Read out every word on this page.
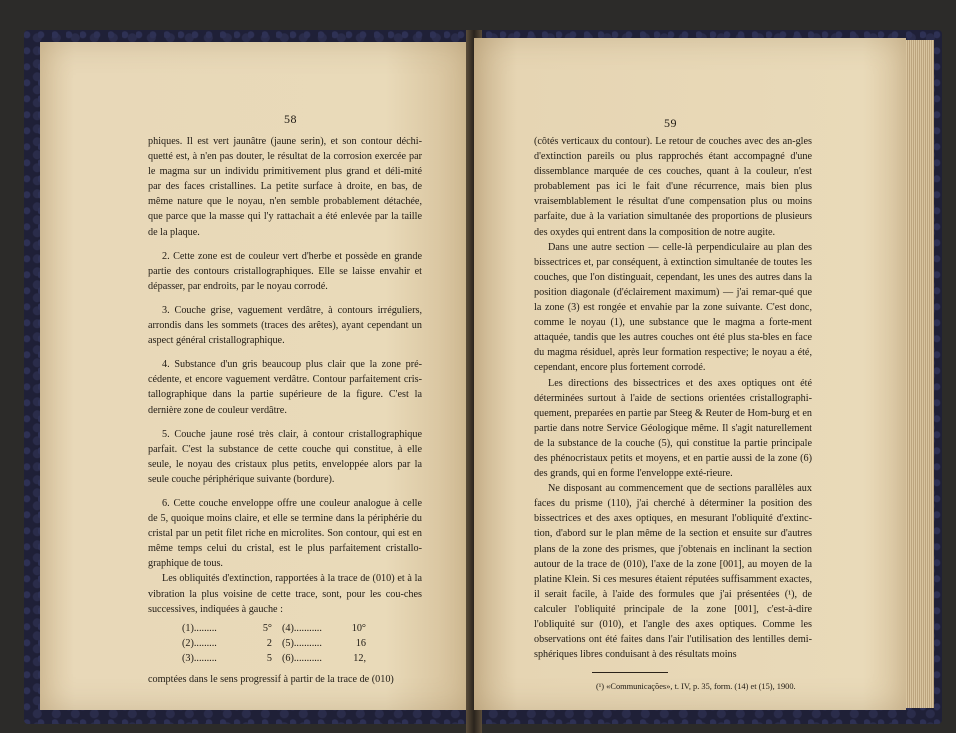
58

phiques. Il est vert jaunâtre (jaune serin), et son contour déchi-quetté est, à n'en pas douter, le résultat de la corrosion exercée par le magma sur un individu primitivement plus grand et déli-mité par des faces cristallines. La petite surface à droite, en bas, de même nature que le noyau, n'en semble probablement détachée, que parce que la masse qui l'y rattachait a été enlevée par la taille de la plaque.

2. Cette zone est de couleur vert d'herbe et possède en grande partie des contours cristallographiques. Elle se laisse envahir et dépasser, par endroits, par le noyau corrodé.

3. Couche grise, vaguement verdâtre, à contours irréguliers, arrondis dans les sommets (traces des arêtes), ayant cependant un aspect général cristallographique.

4. Substance d'un gris beaucoup plus clair que la zone pré-cédente, et encore vaguement verdâtre. Contour parfaitement cris-tallographique dans la partie supérieure de la figure. C'est la dernière zone de couleur verdâtre.

5. Couche jaune rosé très clair, à contour cristallographique parfait. C'est la substance de cette couche qui constitue, à elle seule, le noyau des cristaux plus petits, enveloppée alors par la seule couche périphérique suivante (bordure).

6. Cette couche enveloppe offre une couleur analogue à celle de 5, quoique moins claire, et elle se termine dans la périphérie du cristal par un petit filet riche en microlites. Son contour, qui est en même temps celui du cristal, est le plus parfaitement cristallo-graphique de tous.

Les obliquités d'extinction, rapportées à la trace de (010) et à la vibration la plus voisine de cette trace, sont, pour les cou-ches successives, indiquées à gauche :

(1).........	5° (4)...........	10°
(2).........	2 (5)...........	16
(3).........	5 (6)...........	12,

comptées dans le sens progressif à partir de la trace de (010)

59

(côtés verticaux du contour). Le retour de couches avec des an-gles d'extinction pareils ou plus rapprochés étant accompagné d'une dissemblance marquée de ces couches, quant à la couleur, n'est probablement pas ici le fait d'une récurrence, mais bien plus vraisemblablement le résultat d'une compensation plus ou moins parfaite, due à la variation simultanée des proportions de plusieurs des oxydes qui entrent dans la composition de notre augite.

Dans une autre section — celle-là perpendiculaire au plan des bissectrices et, par conséquent, à extinction simultanée de toutes les couches, que l'on distinguait, cependant, les unes des autres dans la position diagonale (d'éclairement maximum) — j'ai remar-qué que la zone (3) est rongée et envahie par la zone suivante. C'est donc, comme le noyau (1), une substance que le magma a forte-ment attaquée, tandis que les autres couches ont été plus sta-bles en face du magma résiduel, après leur formation respective; le noyau a été, cependant, encore plus fortement corrodé.

Les directions des bissectrices et des axes optiques ont été déterminées surtout à l'aide de sections orientées cristallographi-quement, preparées en partie par Steeg & Reuter de Hom-burg et en partie dans notre Service Géologique même. Il s'agit naturellement de la substance de la couche (5), qui constitue la partie principale des phénocristaux petits et moyens, et en partie aussi de la zone (6) des grands, qui en forme l'enveloppe exté-rieure.

Ne disposant au commencement que de sections parallèles aux faces du prisme (110), j'ai cherché à déterminer la position des bissectrices et des axes optiques, en mesurant l'obliquité d'extinc-tion, d'abord sur le plan même de la section et ensuite sur d'autres plans de la zone des prismes, que j'obtenais en inclinant la section autour de la trace de (010), l'axe de la zone [001], au moyen de la platine Klein. Si ces mesures étaient réputées suffisamment exactes, il serait facile, à l'aide des formules que j'ai présentées (¹), de calculer l'obliquité principale de la zone [001], c'est-à-dire l'obliquité sur (010), et l'angle des axes optiques. Comme les observations ont été faites dans l'air l'utilisation des lentilles demi-sphériques libres conduisant à des résultats moins

(¹) «Communicações», t. IV, p. 35, form. (14) et (15), 1900.
